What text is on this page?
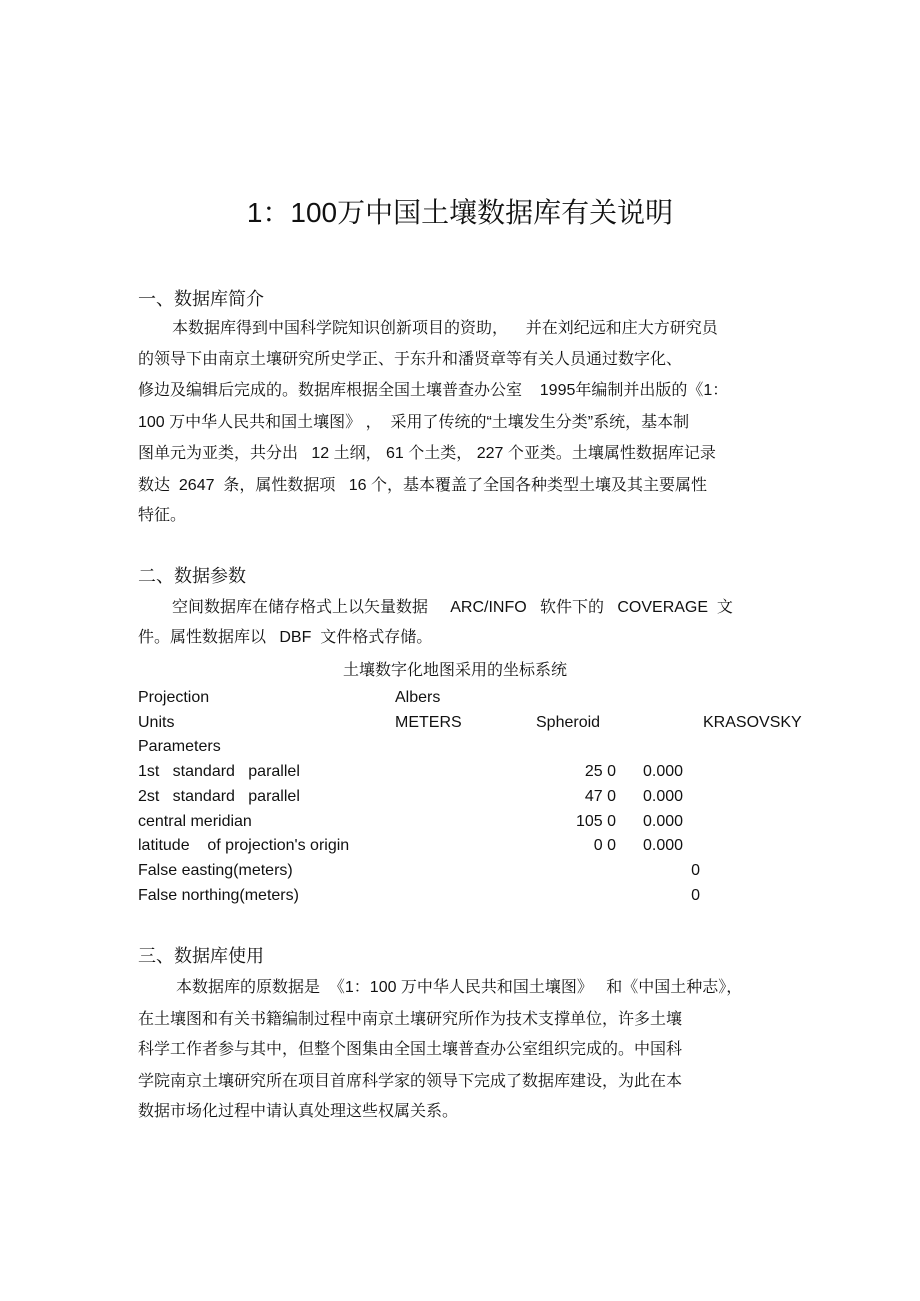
1：100万中国土壤数据库有关说明
一、数据库简介
本数据库得到中国科学院知识创新项目的资助，    并在刘纪远和庄大方研究员
的领导下由南京土壤研究所史学正、于东升和潘贤章等有关人员通过数字化、
修边及编辑后完成的。数据库根据全国土壤普查办公室    1995年编制并出版的《1：
100 万中华人民共和国土壤图》 ，  采用了传统的“土壤发生分类”系统，基本制
图单元为亚类，共分出   12 土纲， 61 个土类， 227 个亚类。土壤属性数据库记录
数达  2647  条，属性数据项   16 个，基本覆盖了全国各种类型土壤及其主要属性
特征。
二、数据参数
空间数据库在储存格式上以矢量数据     ARC/INFO   软件下的   COVERAGE  文
件。属性数据库以   DBF  文件格式存储。
土壤数字化地图采用的坐标系统
Projection	Albers
Units	METERS	Spheroid	KRASOVSKY
Parameters
1st   standard   parallel	25 0 0.000
2st   standard   parallel	47 0 0.000
central meridian	105 0 0.000
latitude    of projection's origin	0 0 0.000
False easting(meters)	0
False northing(meters)	0
三、数据库使用
本数据库的原数据是  《1：100 万中华人民共和国土壤图》   和《中国土种志》，
在土壤图和有关书籍编制过程中南京土壤研究所作为技术支撑单位，许多土壤
科学工作者参与其中，但整个图集由全国土壤普查办公室组织完成的。中国科
学院南京土壤研究所在项目首席科学家的领导下完成了数据库建设，为此在本
数据市场化过程中请认真处理这些权属关系。
